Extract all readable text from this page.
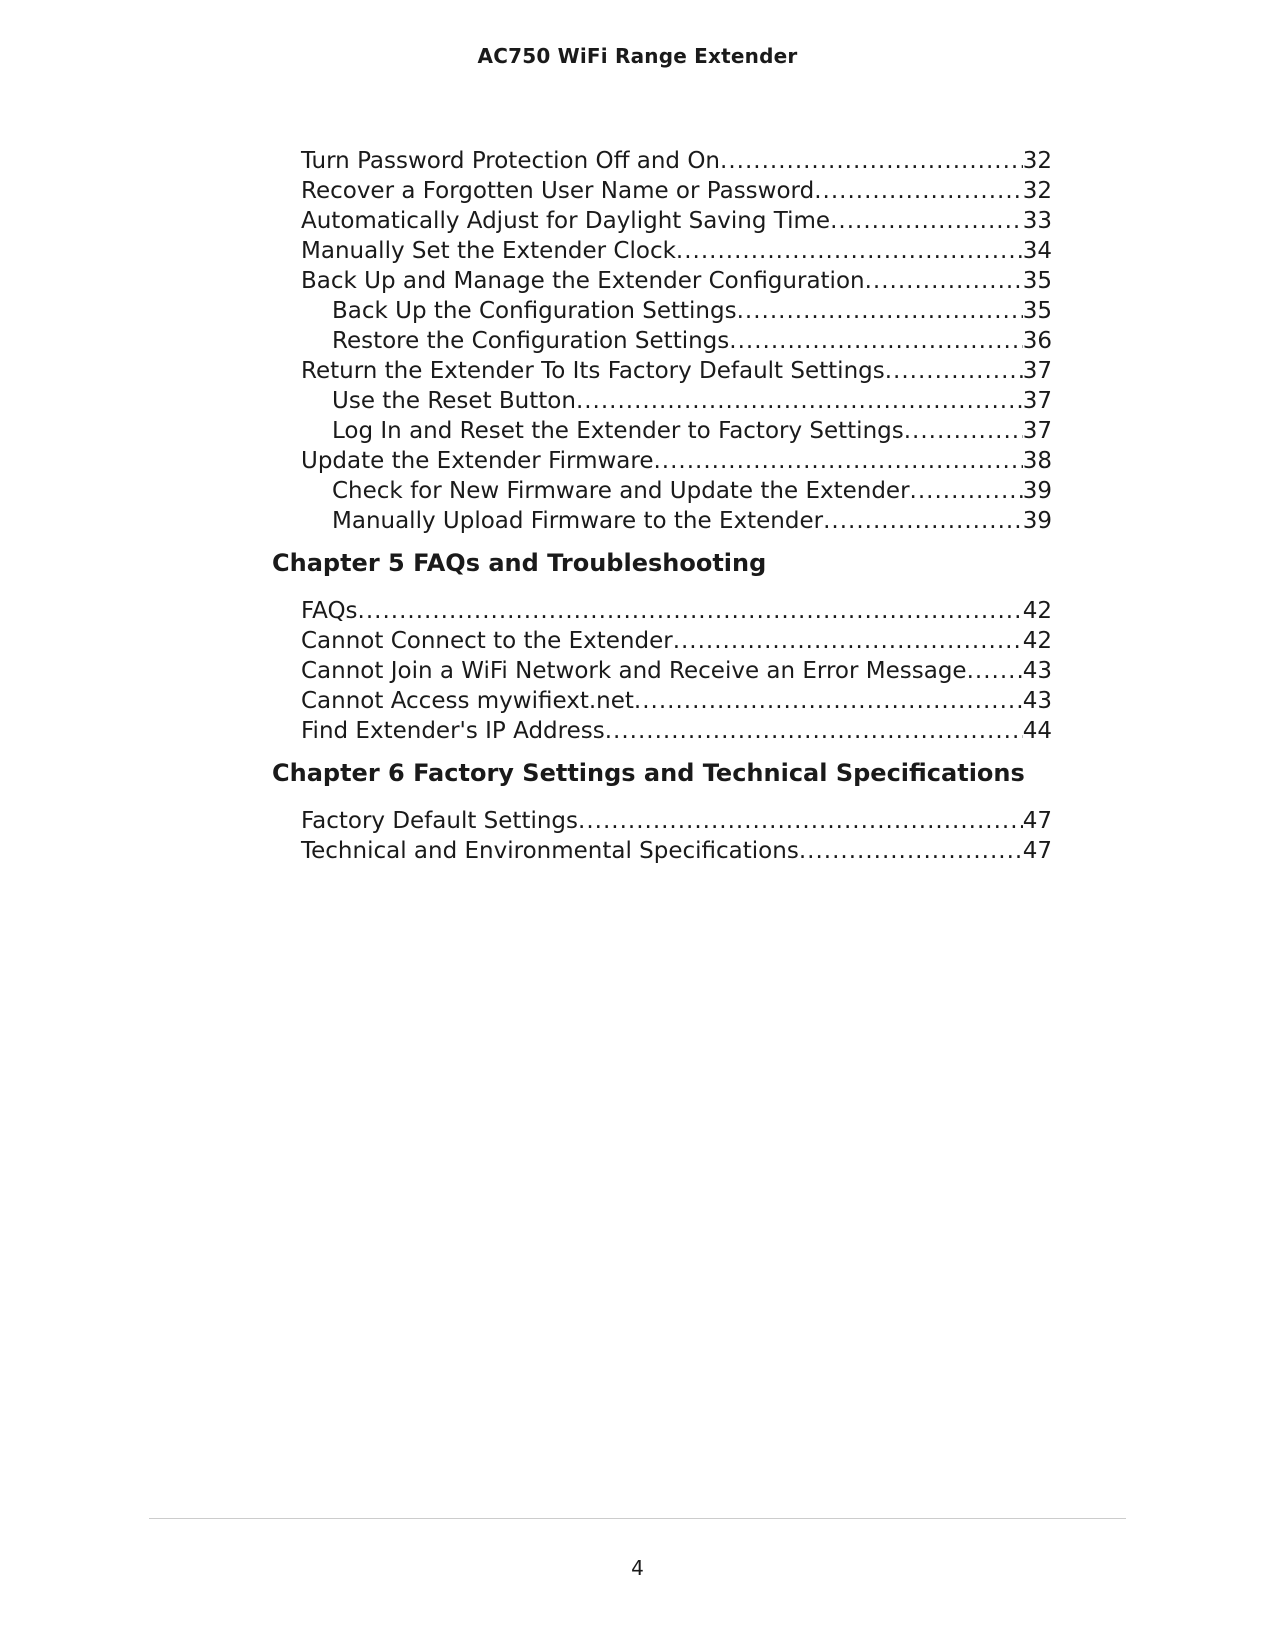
AC750 WiFi Range Extender
Turn Password Protection Off and On .....	32
Recover a Forgotten User Name or Password .....	32
Automatically Adjust for Daylight Saving Time .....	33
Manually Set the Extender Clock .....	34
Back Up and Manage the Extender Configuration .....	35
Back Up the Configuration Settings .....	35
Restore the Configuration Settings .....	36
Return the Extender To Its Factory Default Settings .....	37
Use the Reset Button .....	37
Log In and Reset the Extender to Factory Settings .....	37
Update the Extender Firmware .....	38
Check for New Firmware and Update the Extender .....	39
Manually Upload Firmware to the Extender .....	39
Chapter 5 FAQs and Troubleshooting
FAQs .....	42
Cannot Connect to the Extender .....	42
Cannot Join a WiFi Network and Receive an Error Message ..... 43
Cannot Access mywifiext.net .....	43
Find Extender's IP Address .....	44
Chapter 6 Factory Settings and Technical Specifications
Factory Default Settings .....	47
Technical and Environmental Specifications .....	47
4
